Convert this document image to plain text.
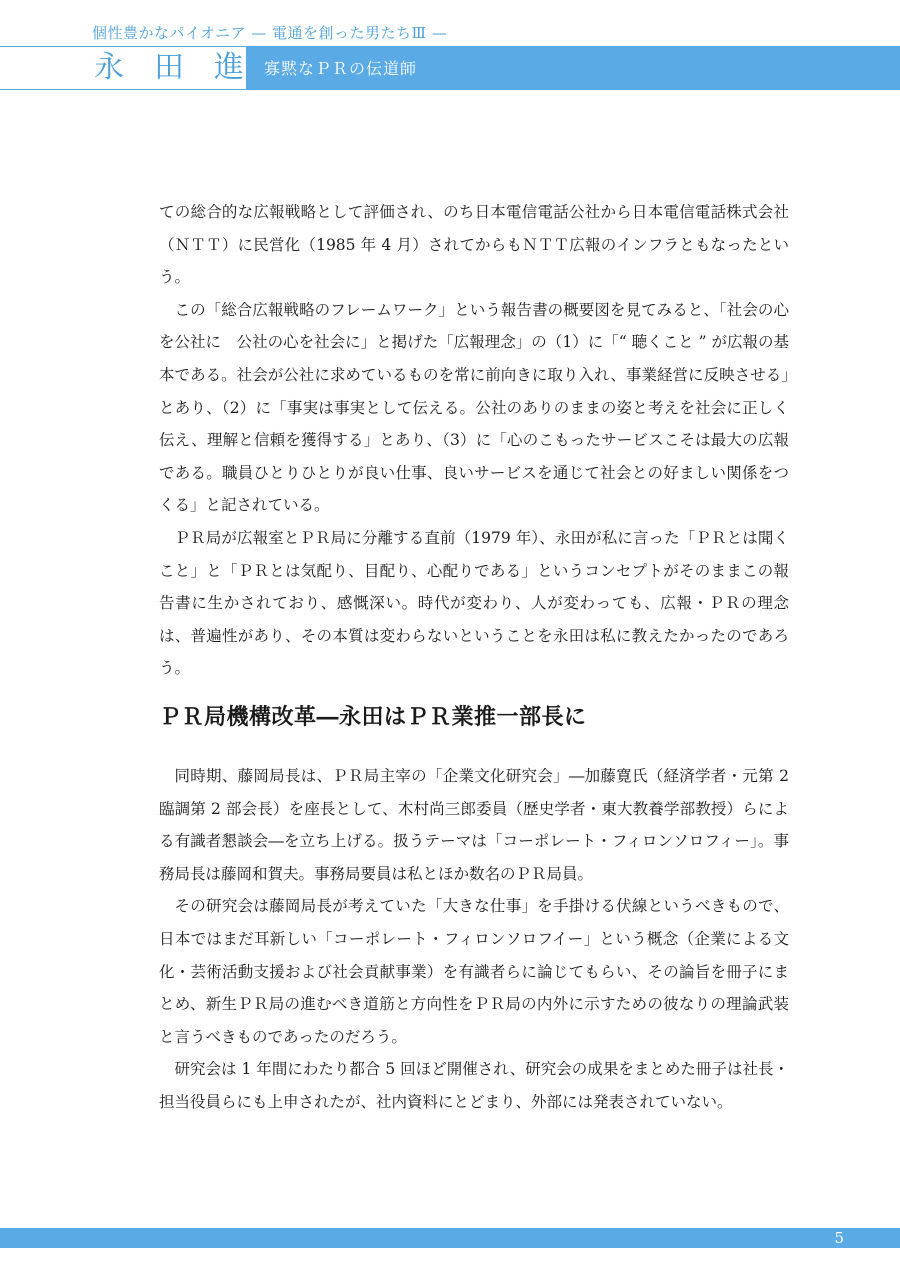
個性豊かなパイオニア — 電通を創った男たちⅢ —
永田進
寡黙なＰＲの伝道師

ての総合的な広報戦略として評価され、のち日本電信電話公社から日本電信電話株式会社（ＮＴＴ）に民営化（1985 年 4 月）されてからもＮＴＴ広報のインフラともなったという。

この「総合広報戦略のフレームワーク」という報告書の概要図を見てみると、「社会の心を公社に　公社の心を社会に」と掲げた「広報理念」の（1）に「“ 聴くこと ” が広報の基本である。社会が公社に求めているものを常に前向きに取り入れ、事業経営に反映させる」とあり、（2）に「事実は事実として伝える。公社のありのままの姿と考えを社会に正しく伝え、理解と信頼を獲得する」とあり、（3）に「心のこもったサービスこそは最大の広報である。職員ひとりひとりが良い仕事、良いサービスを通じて社会との好ましい関係をつくる」と記されている。

ＰＲ局が広報室とＰＲ局に分離する直前（1979 年）、永田が私に言った「ＰＲとは聞くこと」と「ＰＲとは気配り、目配り、心配りである」というコンセプトがそのままこの報告書に生かされており、感慨深い。時代が変わり、人が変わっても、広報・ＰＲの理念は、普遍性があり、その本質は変わらないということを永田は私に教えたかったのであろう。

ＰＲ局機構改革―永田はＰＲ業推一部長に

同時期、藤岡局長は、ＰＲ局主宰の「企業文化研究会」―加藤寛氏（経済学者・元第 2 臨調第 2 部会長）を座長として、木村尚三郎委員（歴史学者・東大教養学部教授）らによる有識者懇談会―を立ち上げる。扱うテーマは「コーポレート・フィロンソロフィー」。事務局長は藤岡和賀夫。事務局要員は私とほか数名のＰＲ局員。

その研究会は藤岡局長が考えていた「大きな仕事」を手掛ける伏線というべきもので、日本ではまだ耳新しい「コーポレート・フィロンソロフイー」という概念（企業による文化・芸術活動支援および社会貢献事業）を有識者らに論じてもらい、その論旨を冊子にまとめ、新生ＰＲ局の進むべき道筋と方向性をＰＲ局の内外に示すための彼なりの理論武装と言うべきものであったのだろう。

研究会は 1 年間にわたり都合 5 回ほど開催され、研究会の成果をまとめた冊子は社長・担当役員らにも上申されたが、社内資料にとどまり、外部には発表されていない。

5
